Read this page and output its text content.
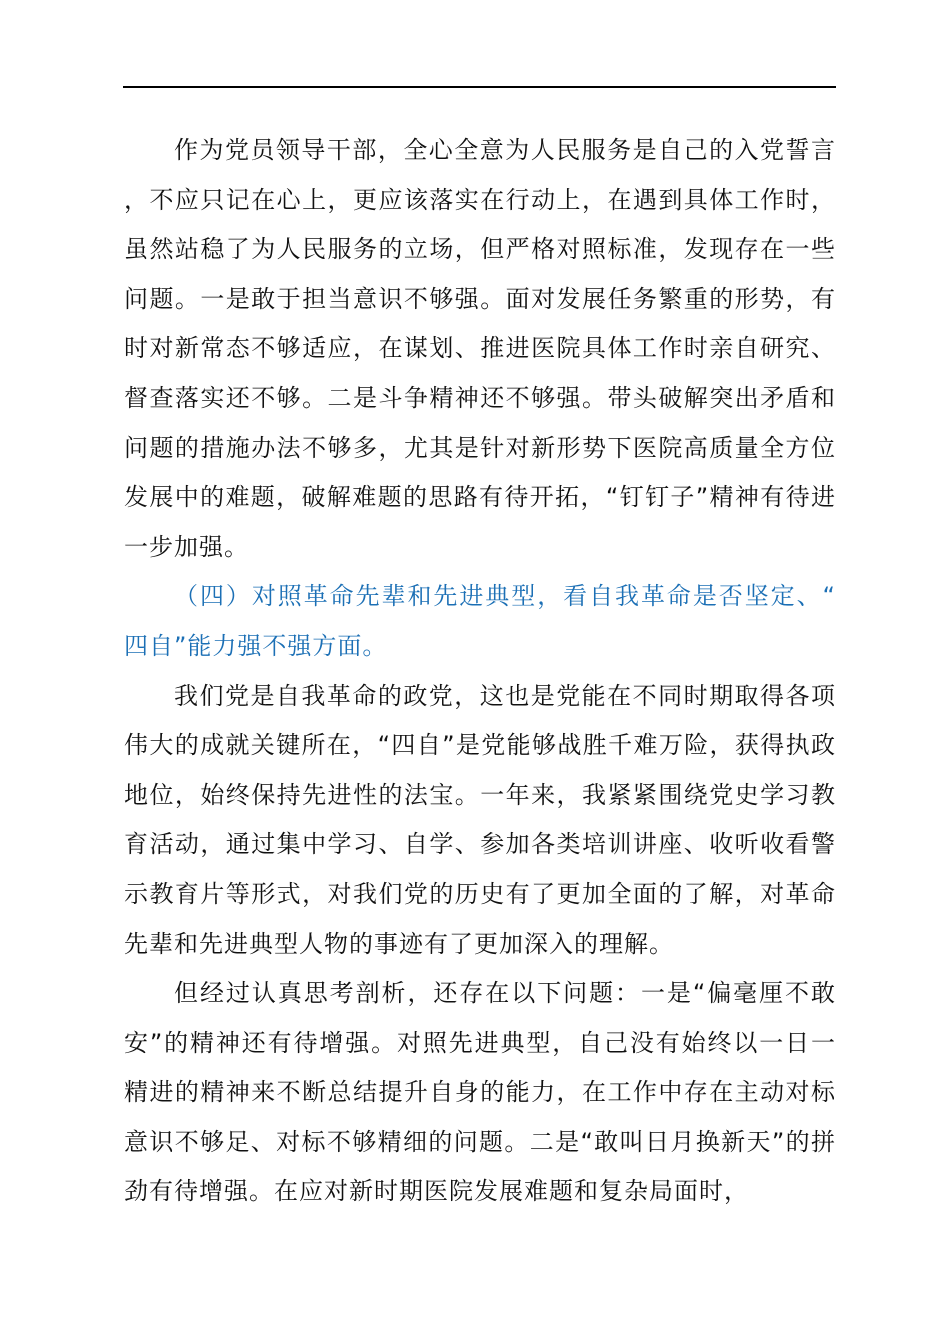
作为党员领导干部，全心全意为人民服务是自己的入党誓言，不应只记在心上，更应该落实在行动上，在遇到具体工作时，虽然站稳了为人民服务的立场，但严格对照标准，发现存在一些问题。一是敢于担当意识不够强。面对发展任务繁重的形势，有时对新常态不够适应，在谋划、推进医院具体工作时亲自研究、督查落实还不够。二是斗争精神还不够强。带头破解突出矛盾和问题的措施办法不够多，尤其是针对新形势下医院高质量全方位发展中的难题，破解难题的思路有待开拓，“钉钉子”精神有待进一步加强。

（四）对照革命先辈和先进典型，看自我革命是否坚定、“四自”能力强不强方面。

我们党是自我革命的政党，这也是党能在不同时期取得各项伟大的成就关键所在，“四自”是党能够战胜千难万险，获得执政地位，始终保持先进性的法宝。一年来，我紧紧围绕党史学习教育活动，通过集中学习、自学、参加各类培训讲座、收听收看警示教育片等形式，对我们党的历史有了更加全面的了解，对革命先辈和先进典型人物的事迹有了更加深入的理解。

但经过认真思考剖析，还存在以下问题：一是“偏毫厘不敢安”的精神还有待增强。对照先进典型，自己没有始终以一日一精进的精神来不断总结提升自身的能力，在工作中存在主动对标意识不够足、对标不够精细的问题。二是“敢叫日月换新天”的拼劲有待增强。在应对新时期医院发展难题和复杂局面时，
